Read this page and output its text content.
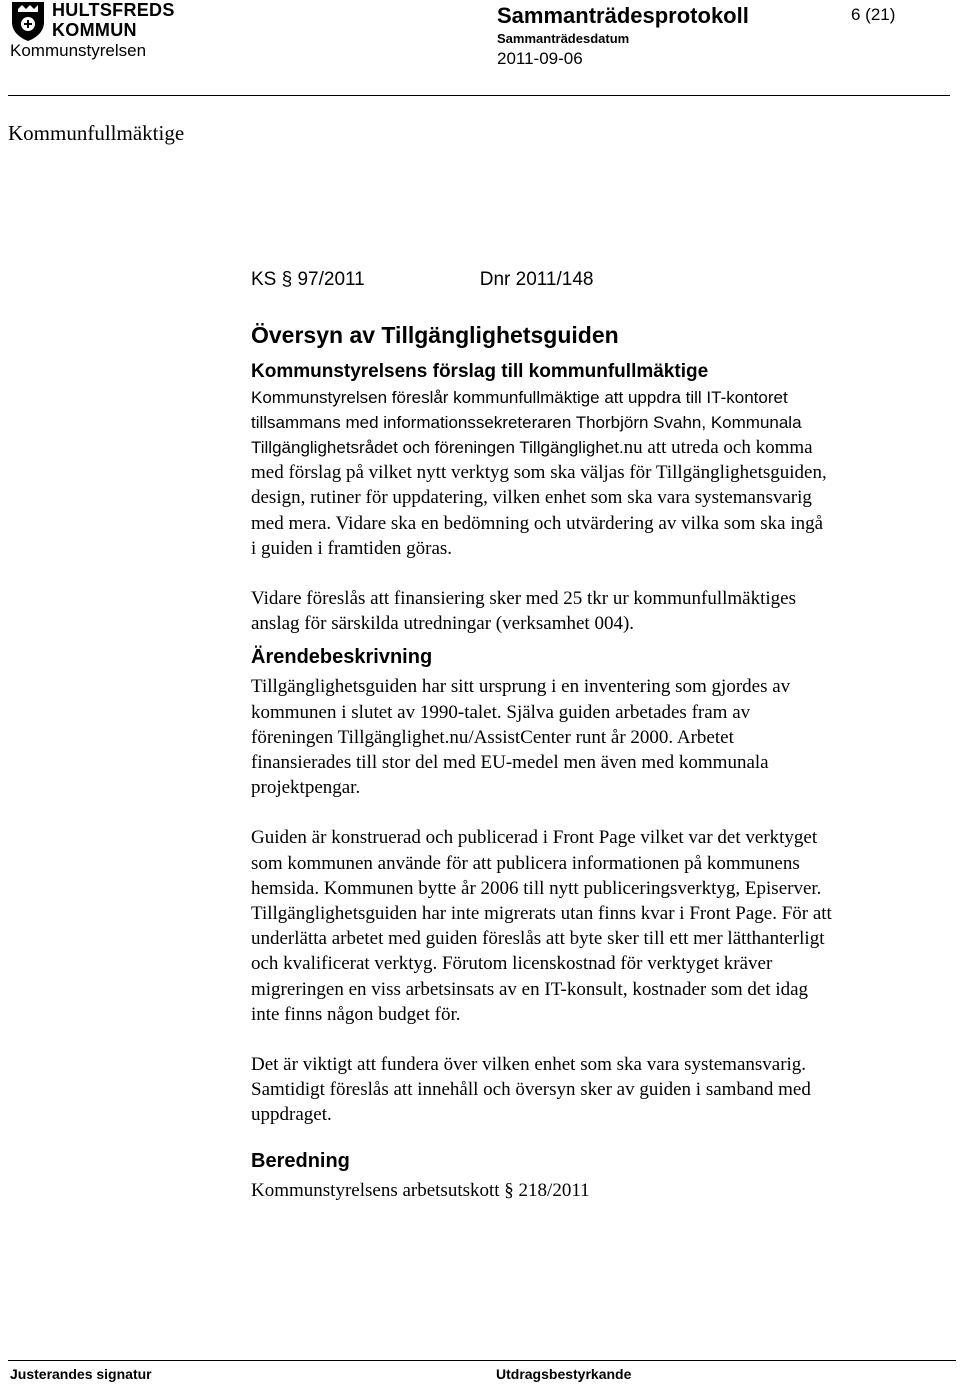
HULTSFREDS
KOMMUN
Sammanträdesprotokoll
Sammanträdesdatum
2011-09-06
6 (21)
Kommunstyrelsen
Kommunfullmäktige
KS § 97/2011	Dnr 2011/148
Översyn av Tillgänglighetsguiden
Kommunstyrelsens förslag till kommunfullmäktige
Kommunstyrelsen föreslår kommunfullmäktige att uppdra till IT-kontoret
tillsammans med informationssekreteraren Thorbjörn Svahn, Kommunala
Tillgänglighetsrådet och föreningen Tillgänglighet.nu att utreda och komma
med förslag på vilket nytt verktyg som ska väljas för Tillgänglighetsguiden,
design, rutiner för uppdatering, vilken enhet som ska vara systemansvarig
med mera. Vidare ska en bedömning och utvärdering av vilka som ska ingå
i guiden i framtiden göras.
Vidare föreslås att finansiering sker med 25 tkr ur kommunfullmäktiges
anslag för särskilda utredningar (verksamhet 004).
Ärendebeskrivning
Tillgänglighetsguiden har sitt ursprung i en inventering som gjordes av
kommunen i slutet av 1990-talet. Själva guiden arbetades fram av
föreningen Tillgänglighet.nu/AssistCenter runt år 2000. Arbetet
finansierades till stor del med EU-medel men även med kommunala
projektpengar.
Guiden är konstruerad och publicerad i Front Page vilket var det verktyget
som kommunen använde för att publicera informationen på kommunens
hemsida. Kommunen bytte år 2006 till nytt publiceringsverktyg, Episerver.
Tillgänglighetsguiden har inte migrerats utan finns kvar i Front Page. För att
underlätta arbetet med guiden föreslås att byte sker till ett mer lätthanterligt
och kvalificerat verktyg. Förutom licenskostnad för verktyget kräver
migreringen en viss arbetsinsats av en IT-konsult, kostnader som det idag
inte finns någon budget för.
Det är viktigt att fundera över vilken enhet som ska vara systemansvarig.
Samtidigt föreslås att innehåll och översyn sker av guiden i samband med
uppdraget.
Beredning
Kommunstyrelsens arbetsutskott § 218/2011
Justerandes signatur	Utdragsbestyrkande
